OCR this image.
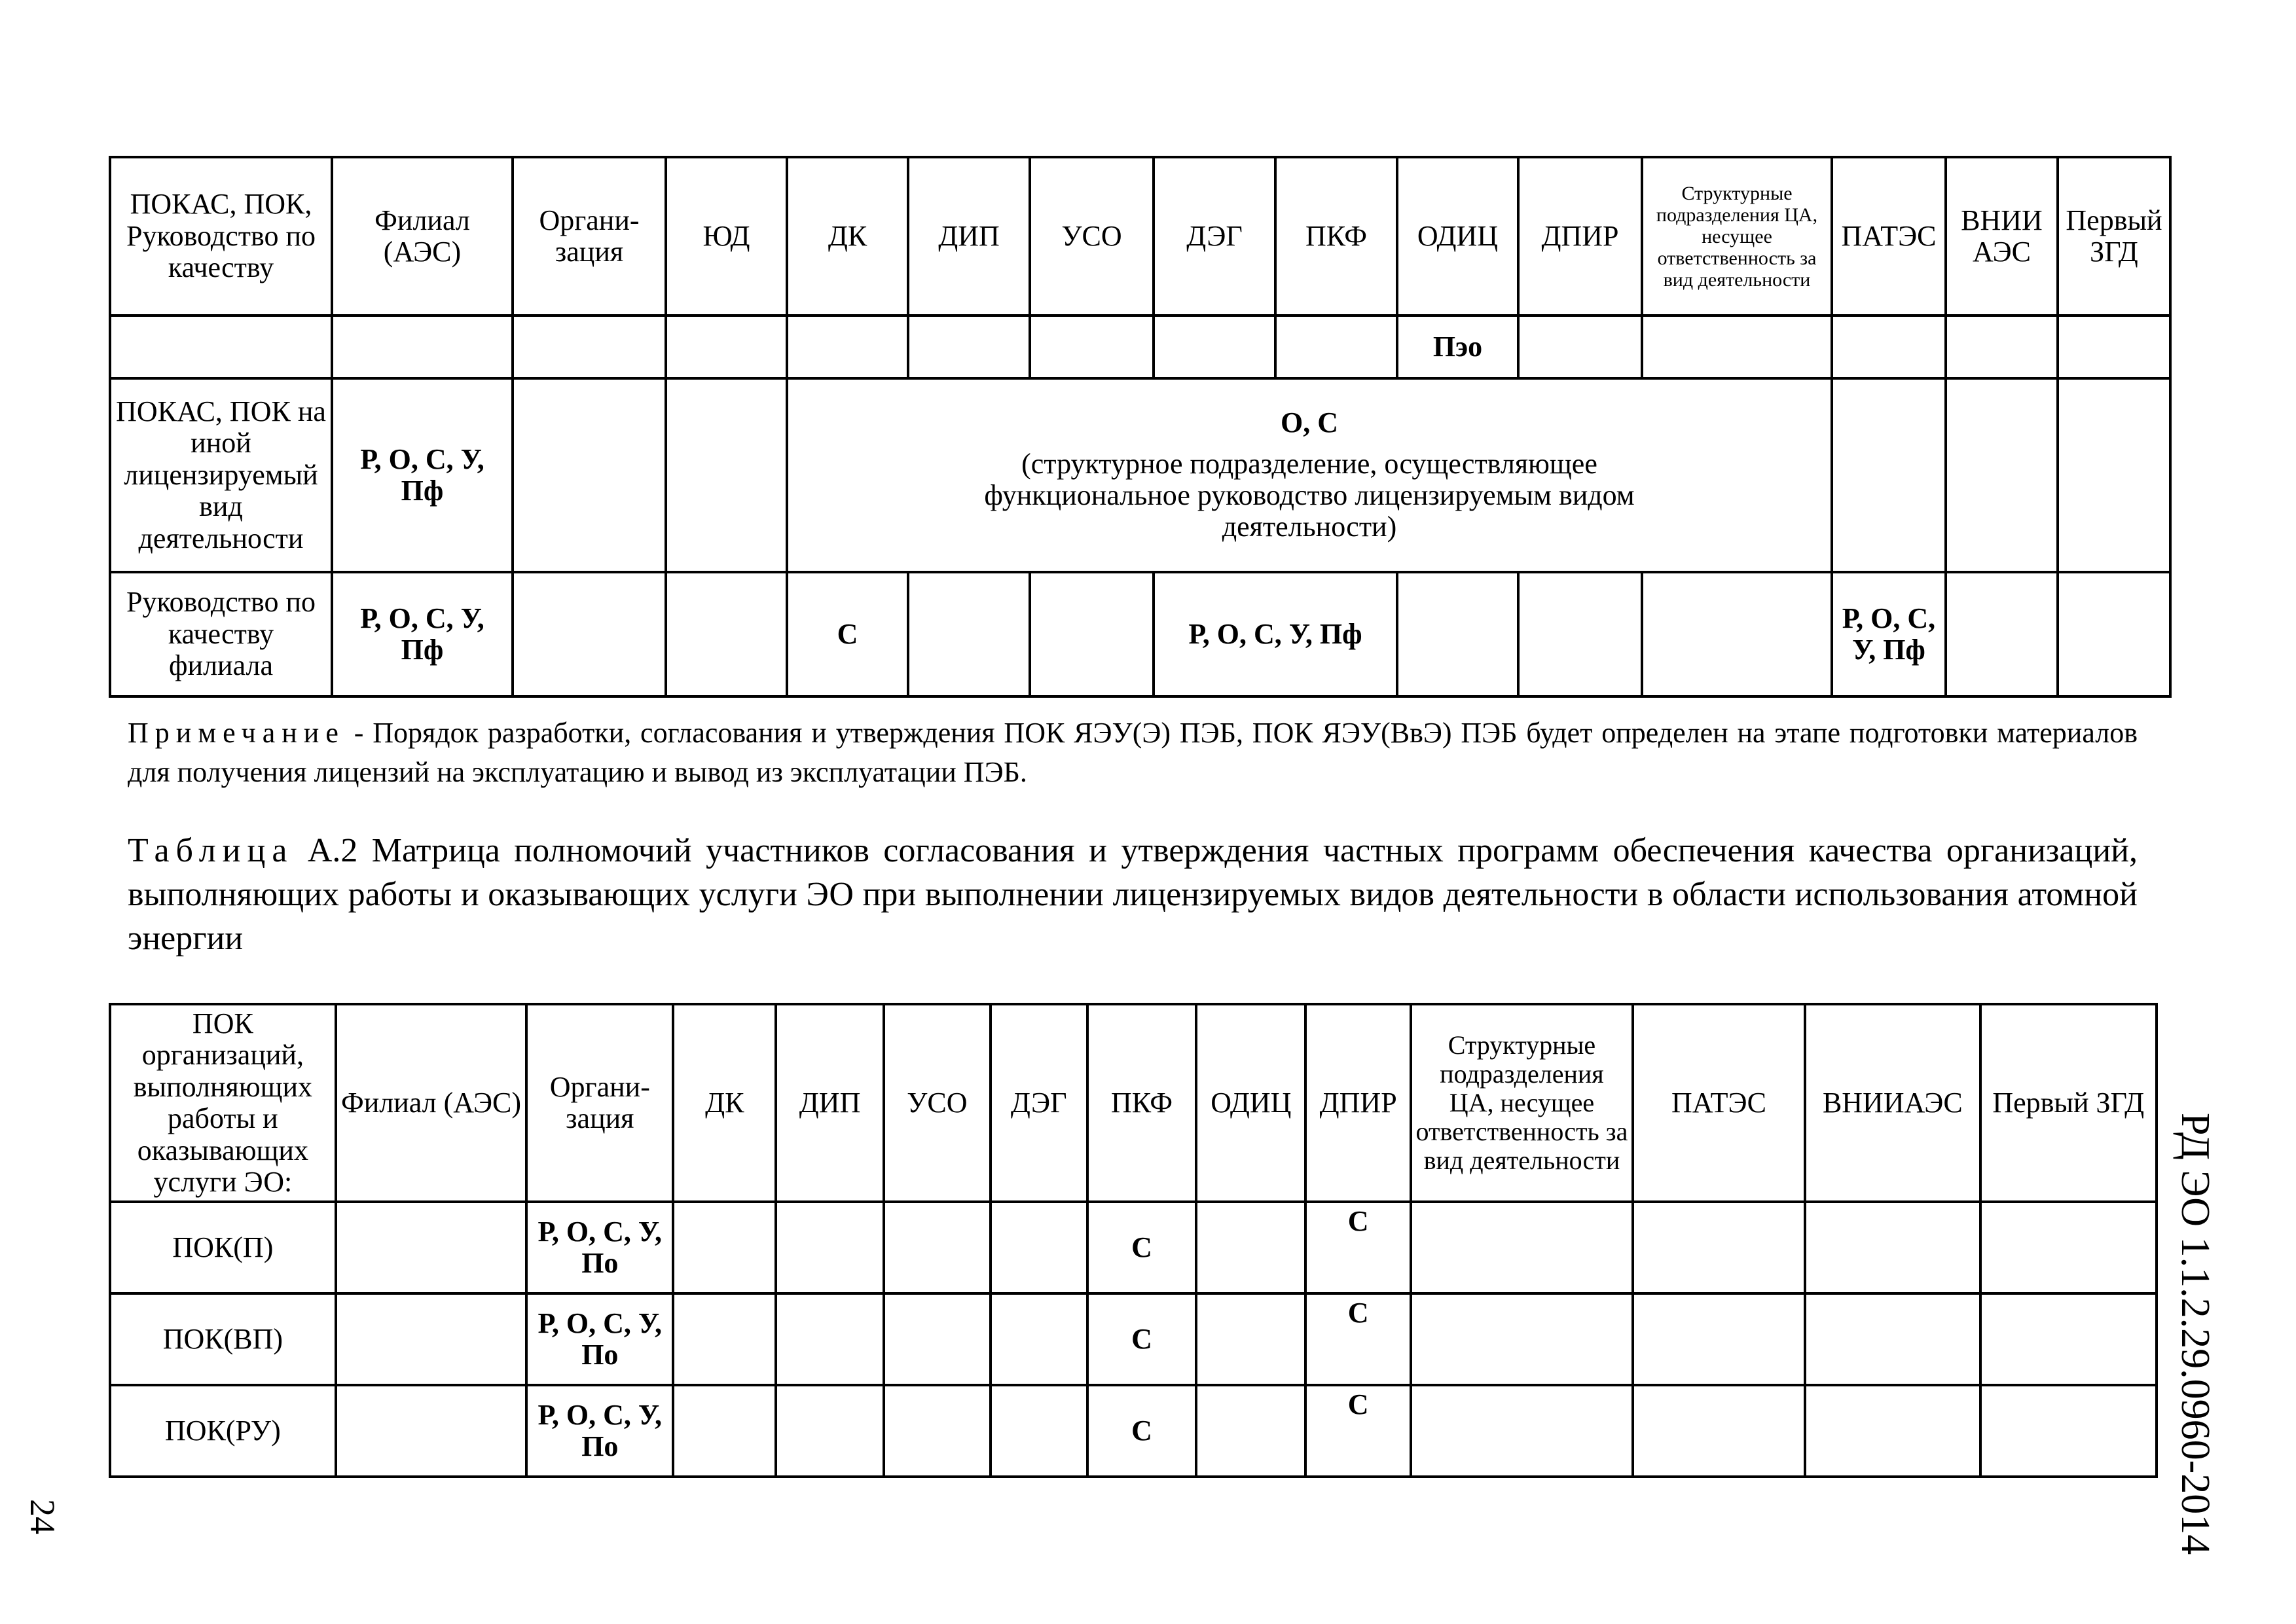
ПОКАС, ПОК, Руководство по качеству	Филиал (АЭС)	Органи-зация	ЮД	ДК	ДИП	УСО	ДЭГ	ПКФ	ОДИЦ	ДПИР	Структурные подразделения ЦА, несущее ответственность за вид деятельности	ПАТЭС	ВНИИ АЭС	Первый ЗГД
									Пэо					
ПОКАС, ПОК на иной лицензируемый вид деятельности	Р, О, С, У, Пф			О, С
(структурное подразделение, осуществляющее функциональное руководство лицензируемым видом деятельности)										

Руководство по качеству филиала	Р, О, С, У, Пф			С			Р, О, С, У, Пф					Р, О, С, У, Пф		
Примечание - Порядок разработки, согласования и утверждения ПОК ЯЭУ(Э) ПЭБ, ПОК ЯЭУ(ВвЭ) ПЭБ будет определен на этапе подготовки материалов для получения лицензий на эксплуатацию и вывод из эксплуатации ПЭБ.
Таблица А.2 Матрица полномочий участников согласования и утверждения частных программ обеспечения качества организаций, выполняющих работы и оказывающих услуги ЭО при выполнении лицензируемых видов деятельности в области использования атомной энергии
ПОК организаций, выполняющих работы и оказывающих услуги ЭО:	Филиал (АЭС)	Органи-зация	ДК	ДИП	УСО	ДЭГ	ПКФ	ОДИЦ	ДПИР	Структурные подразделения ЦА, несущее ответственность за вид деятельности	ПАТЭС	ВНИИАЭС	Первый ЗГД
ПОК(П)		Р, О, С, У, По					С		С				
ПОК(ВП)		Р, О, С, У, По					С		С				
ПОК(РУ)		Р, О, С, У, По					С		С				
24	РД ЭО 1.1.2.29.0960-2014
